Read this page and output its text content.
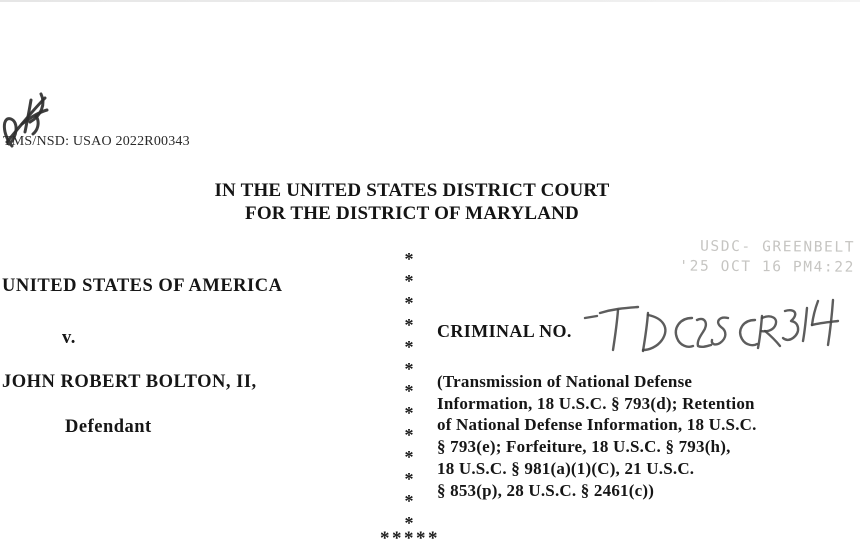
TMS/NSD: USAO 2022R00343
IN THE UNITED STATES DISTRICT COURT
FOR THE DISTRICT OF MARYLAND
USDC- GREENBELT
'25 OCT 16 PM4:22
UNITED STATES OF AMERICA
v.
JOHN ROBERT BOLTON, II,
Defendant
*
*
*
*
*
*
*
*
*
*
*
*
*
CRIMINAL NO.
(Transmission of National Defense
Information, 18 U.S.C. § 793(d); Retention
of National Defense Information, 18 U.S.C.
§ 793(e); Forfeiture, 18 U.S.C. § 793(h),
18 U.S.C. § 981(a)(1)(C), 21 U.S.C.
§ 853(p), 28 U.S.C. § 2461(c))
*****
